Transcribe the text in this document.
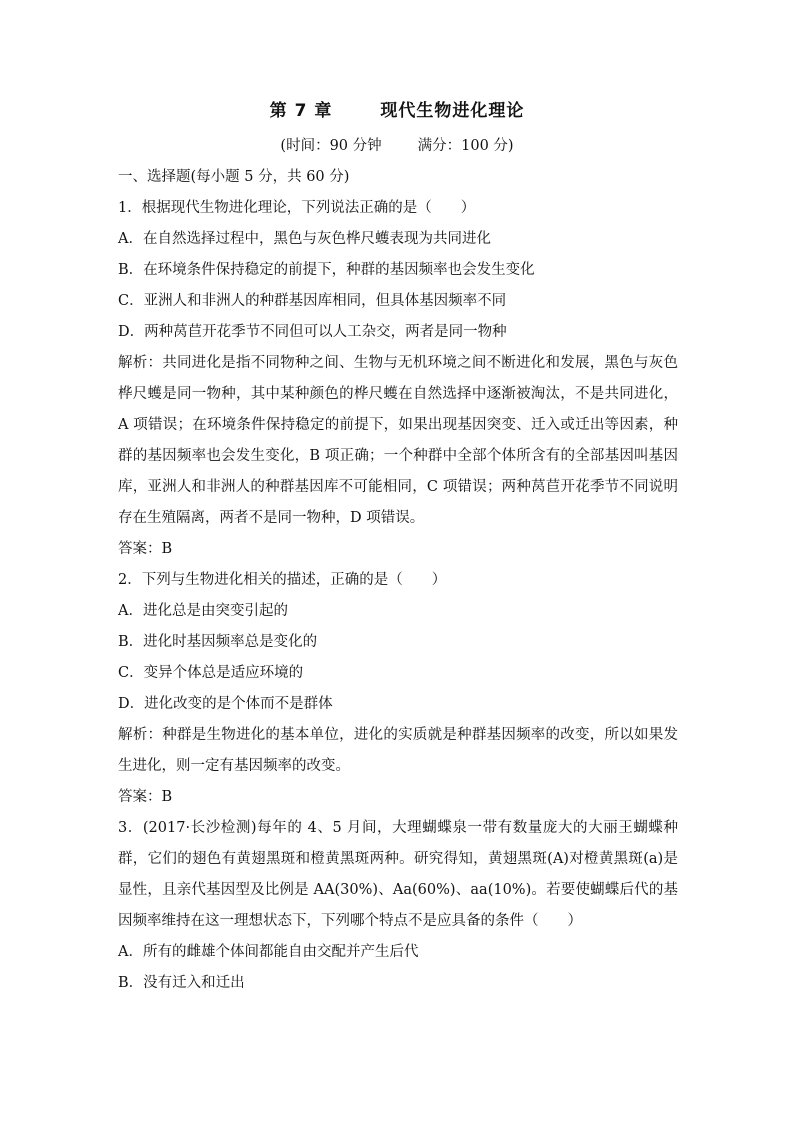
第 7 章	现代生物进化理论
(时间：90 分钟 满分：100 分)
一、选择题(每小题 5 分，共 60 分)
1．根据现代生物进化理论，下列说法正确的是（　　）
A．在自然选择过程中，黑色与灰色桦尺蠖表现为共同进化
B．在环境条件保持稳定的前提下，种群的基因频率也会发生变化
C．亚洲人和非洲人的种群基因库相同，但具体基因频率不同
D．两种莴苣开花季节不同但可以人工杂交，两者是同一物种
解析：共同进化是指不同物种之间、生物与无机环境之间不断进化和发展，黑色与灰色桦尺蠖是同一物种，其中某种颜色的桦尺蠖在自然选择中逐渐被淘汰，不是共同进化，A 项错误；在环境条件保持稳定的前提下，如果出现基因突变、迁入或迁出等因素，种群的基因频率也会发生变化，B 项正确；一个种群中全部个体所含有的全部基因叫基因库，亚洲人和非洲人的种群基因库不可能相同，C 项错误；两种莴苣开花季节不同说明存在生殖隔离，两者不是同一物种，D 项错误。
答案：B
2．下列与生物进化相关的描述，正确的是（　　）
A．进化总是由突变引起的
B．进化时基因频率总是变化的
C．变异个体总是适应环境的
D．进化改变的是个体而不是群体
解析：种群是生物进化的基本单位，进化的实质就是种群基因频率的改变，所以如果发生进化，则一定有基因频率的改变。
答案：B
3．(2017·长沙检测)每年的 4、5 月间，大理蝴蝶泉一带有数量庞大的大丽王蝴蝶种群，它们的翅色有黄翅黑斑和橙黄黑斑两种。研究得知，黄翅黑斑(A)对橙黄黑斑(a)是显性，且亲代基因型及比例是 AA(30%)、Aa(60%)、aa(10%)。若要使蝴蝶后代的基因频率维持在这一理想状态下，下列哪个特点不是应具备的条件（　　）
A．所有的雌雄个体间都能自由交配并产生后代
B．没有迁入和迁出
